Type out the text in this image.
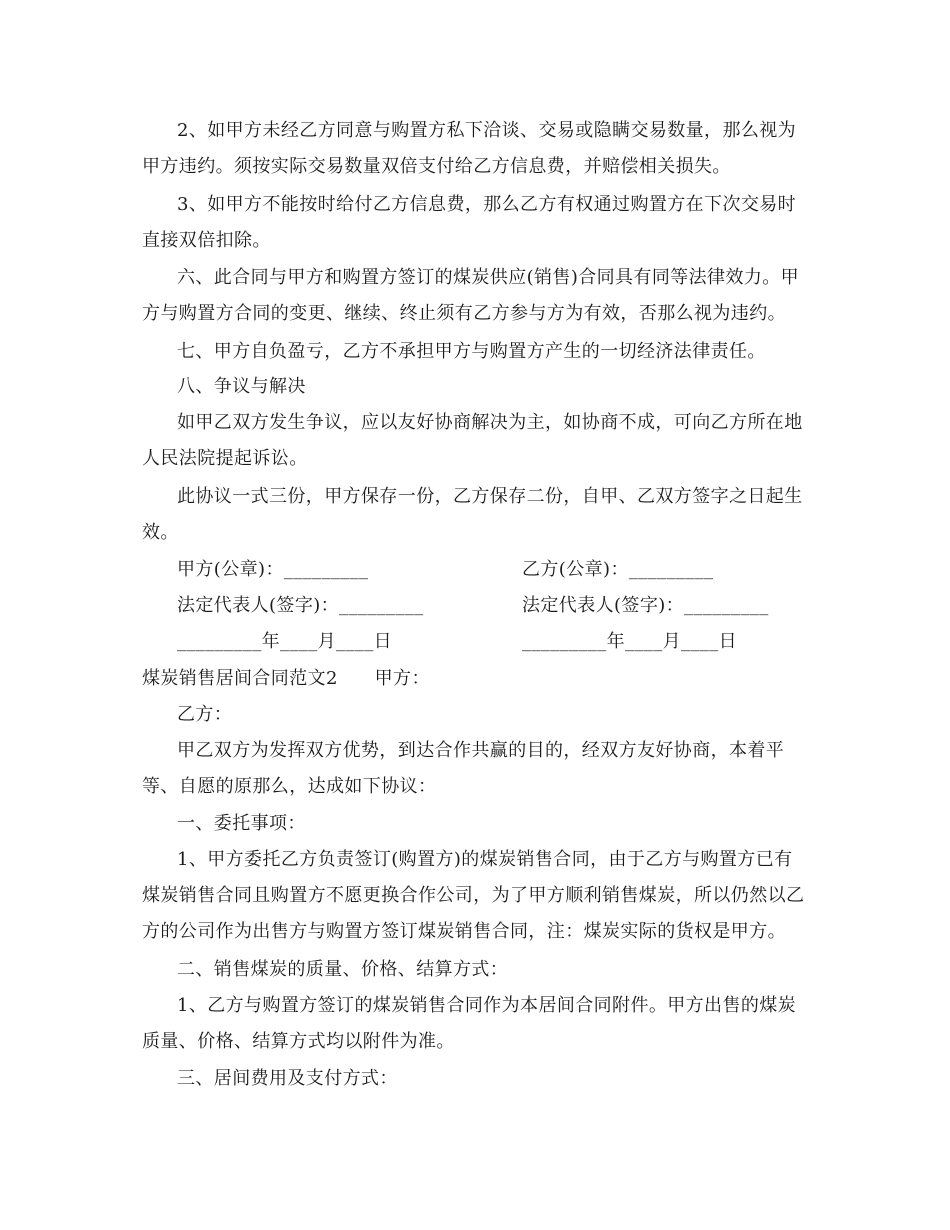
2、如甲方未经乙方同意与购置方私下洽谈、交易或隐瞒交易数量，那么视为
甲方违约。须按实际交易数量双倍支付给乙方信息费，并赔偿相关损失。
3、如甲方不能按时给付乙方信息费，那么乙方有权通过购置方在下次交易时
直接双倍扣除。
六、此合同与甲方和购置方签订的煤炭供应(销售)合同具有同等法律效力。甲
方与购置方合同的变更、继续、终止须有乙方参与方为有效，否那么视为违约。
七、甲方自负盈亏，乙方不承担甲方与购置方产生的一切经济法律责任。
八、争议与解决
如甲乙双方发生争议，应以友好协商解决为主，如协商不成，可向乙方所在地
人民法院提起诉讼。
此协议一式三份，甲方保存一份，乙方保存二份，自甲、乙双方签字之日起生
效。
甲方(公章)：_________	乙方(公章)：_________
法定代表人(签字)：_________	法定代表人(签字)：_________
_________年____月____日	_________年____月____日
煤炭销售居间合同范文2　　甲方：
乙方：
甲乙双方为发挥双方优势，到达合作共赢的目的，经双方友好协商，本着平
等、自愿的原那么，达成如下协议：
一、委托事项：
1、甲方委托乙方负责签订(购置方)的煤炭销售合同，由于乙方与购置方已有
煤炭销售合同且购置方不愿更换合作公司，为了甲方顺利销售煤炭，所以仍然以乙
方的公司作为出售方与购置方签订煤炭销售合同，注：煤炭实际的货权是甲方。
二、销售煤炭的质量、价格、结算方式：
1、乙方与购置方签订的煤炭销售合同作为本居间合同附件。甲方出售的煤炭
质量、价格、结算方式均以附件为准。
三、居间费用及支付方式：
